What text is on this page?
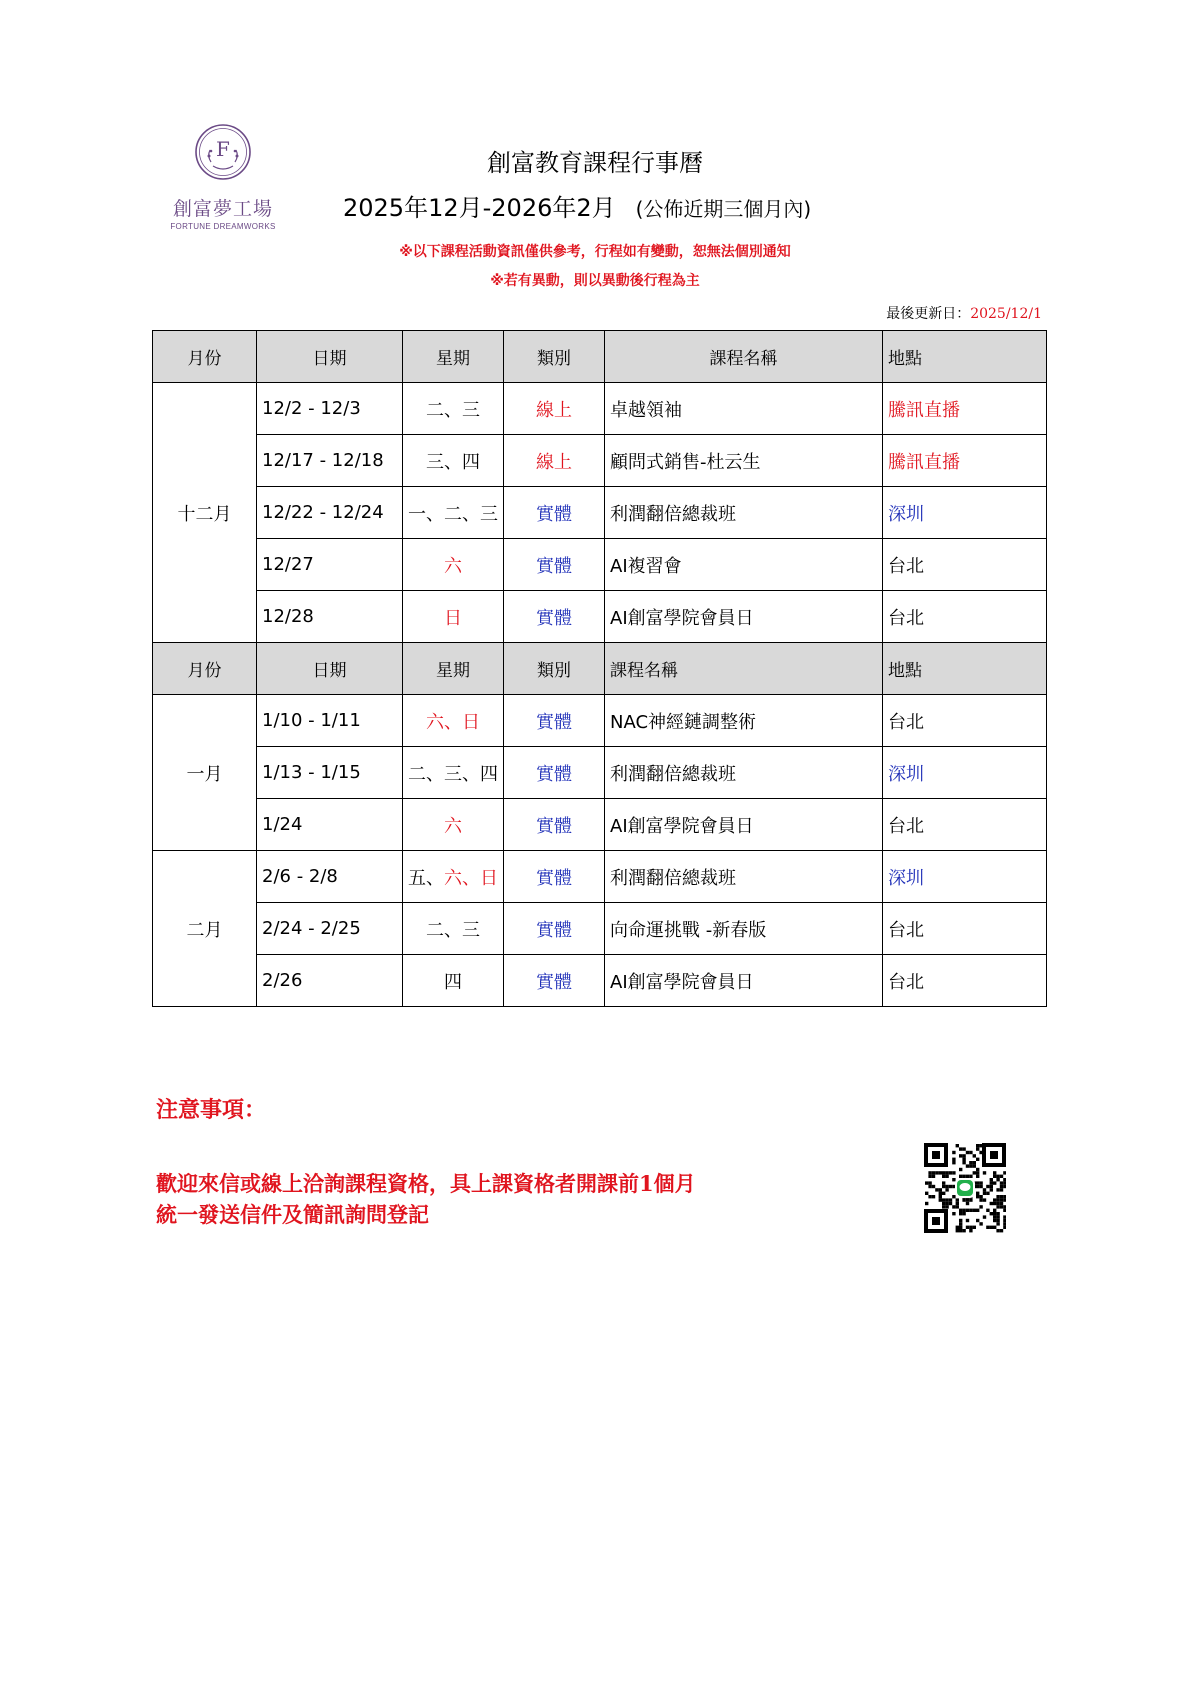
F
創富夢工場
FORTUNE DREAMWORKS
創富教育課程行事曆
2025年12月-2026年2月 (公佈近期三個月內)
※以下課程活動資訊僅供參考，行程如有變動，恕無法個別通知
※若有異動，則以異動後行程為主
最後更新日：2025/12/1
月份	日期	星期	類別	課程名稱	地點
十二月	12/2 - 12/3	二、三	線上	卓越領袖	騰訊直播
	12/17 - 12/18	三、四	線上	顧問式銷售-杜云生	騰訊直播
	12/22 - 12/24	一、二、三	實體	利潤翻倍總裁班	深圳
	12/27	六	實體	AI複習會	台北
	12/28	日	實體	AI創富學院會員日	台北
月份	日期	星期	類別	課程名稱	地點
一月	1/10 - 1/11	六、日	實體	NAC神經鏈調整術	台北
	1/13 - 1/15	二、三、四	實體	利潤翻倍總裁班	深圳
	1/24	六	實體	AI創富學院會員日	台北
二月	2/6 - 2/8	五、六、日	實體	利潤翻倍總裁班	深圳
	2/24 - 2/25	二、三	實體	向命運挑戰 -新春版	台北
	2/26	四	實體	AI創富學院會員日	台北
注意事項：
歡迎來信或線上洽詢課程資格，具上課資格者開課前1個月
統一發送信件及簡訊詢問登記
